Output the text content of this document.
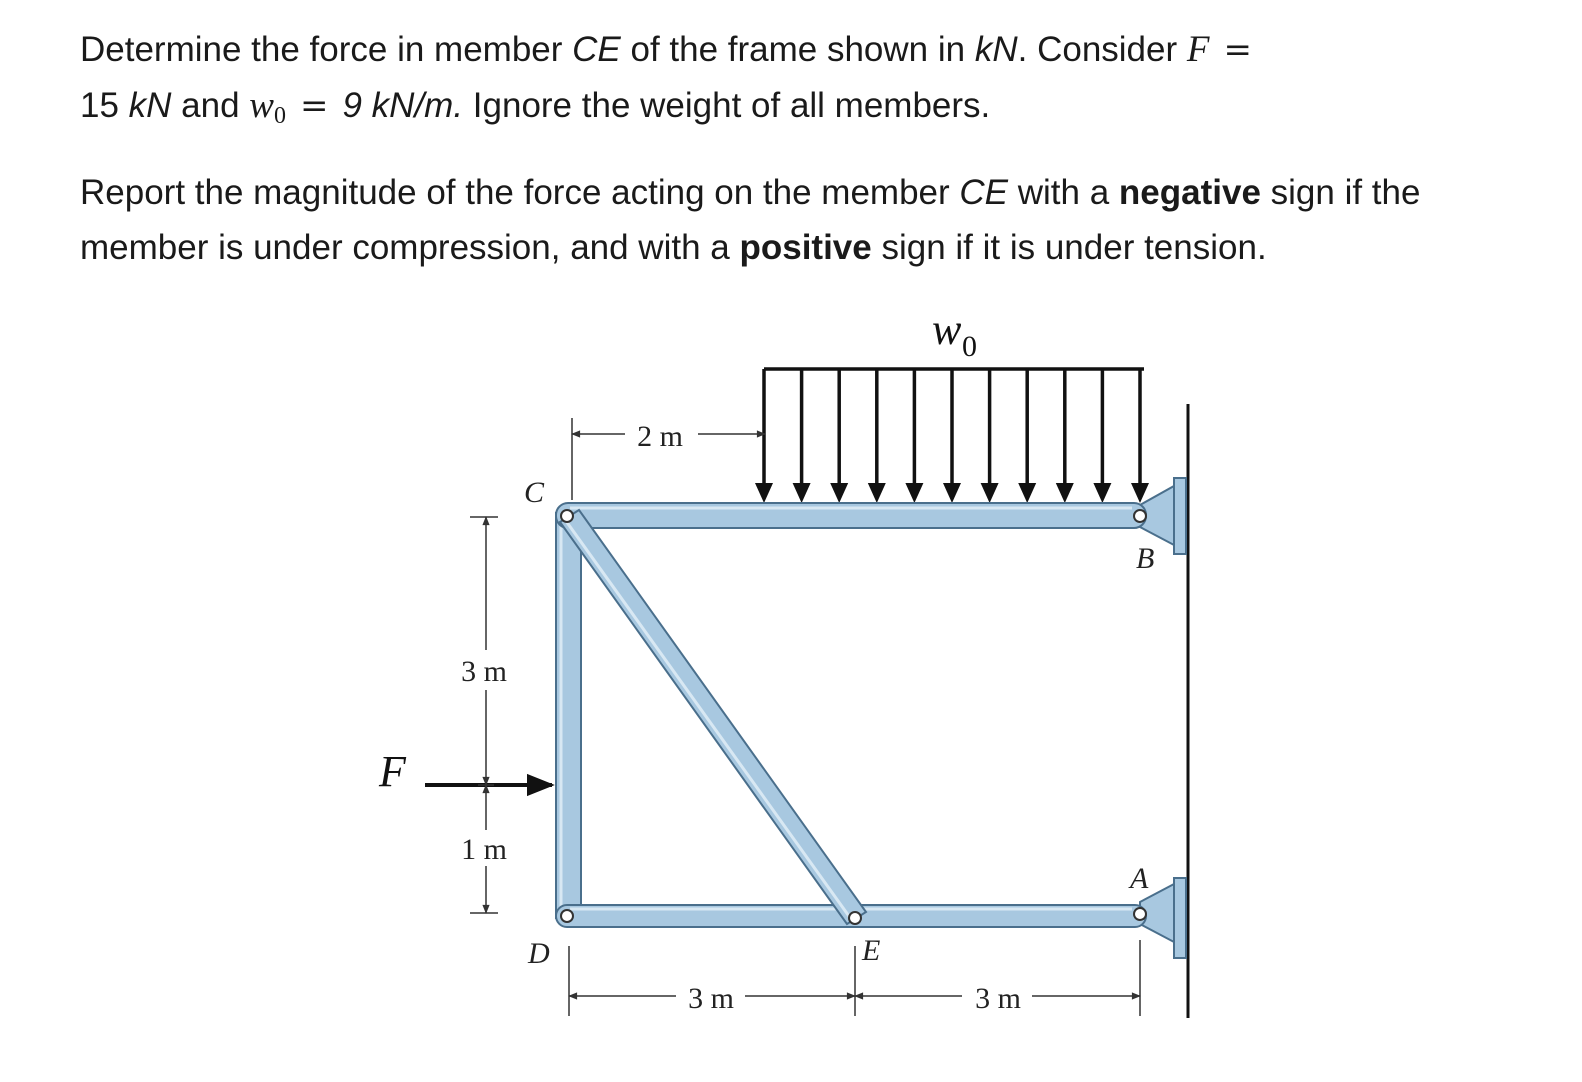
Determine the force in member CE of the frame shown in kN. Consider F =
15 kN and $w_0 = 9$ kN/m. Ignore the weight of all members.

Report the magnitude of the force acting on the member CE with a negative sign if the member is under compression, and with a positive sign if it is under tension.

w 0
F
C
B
A
D	E
2 m
3 m
1 m
3 m	3 m
